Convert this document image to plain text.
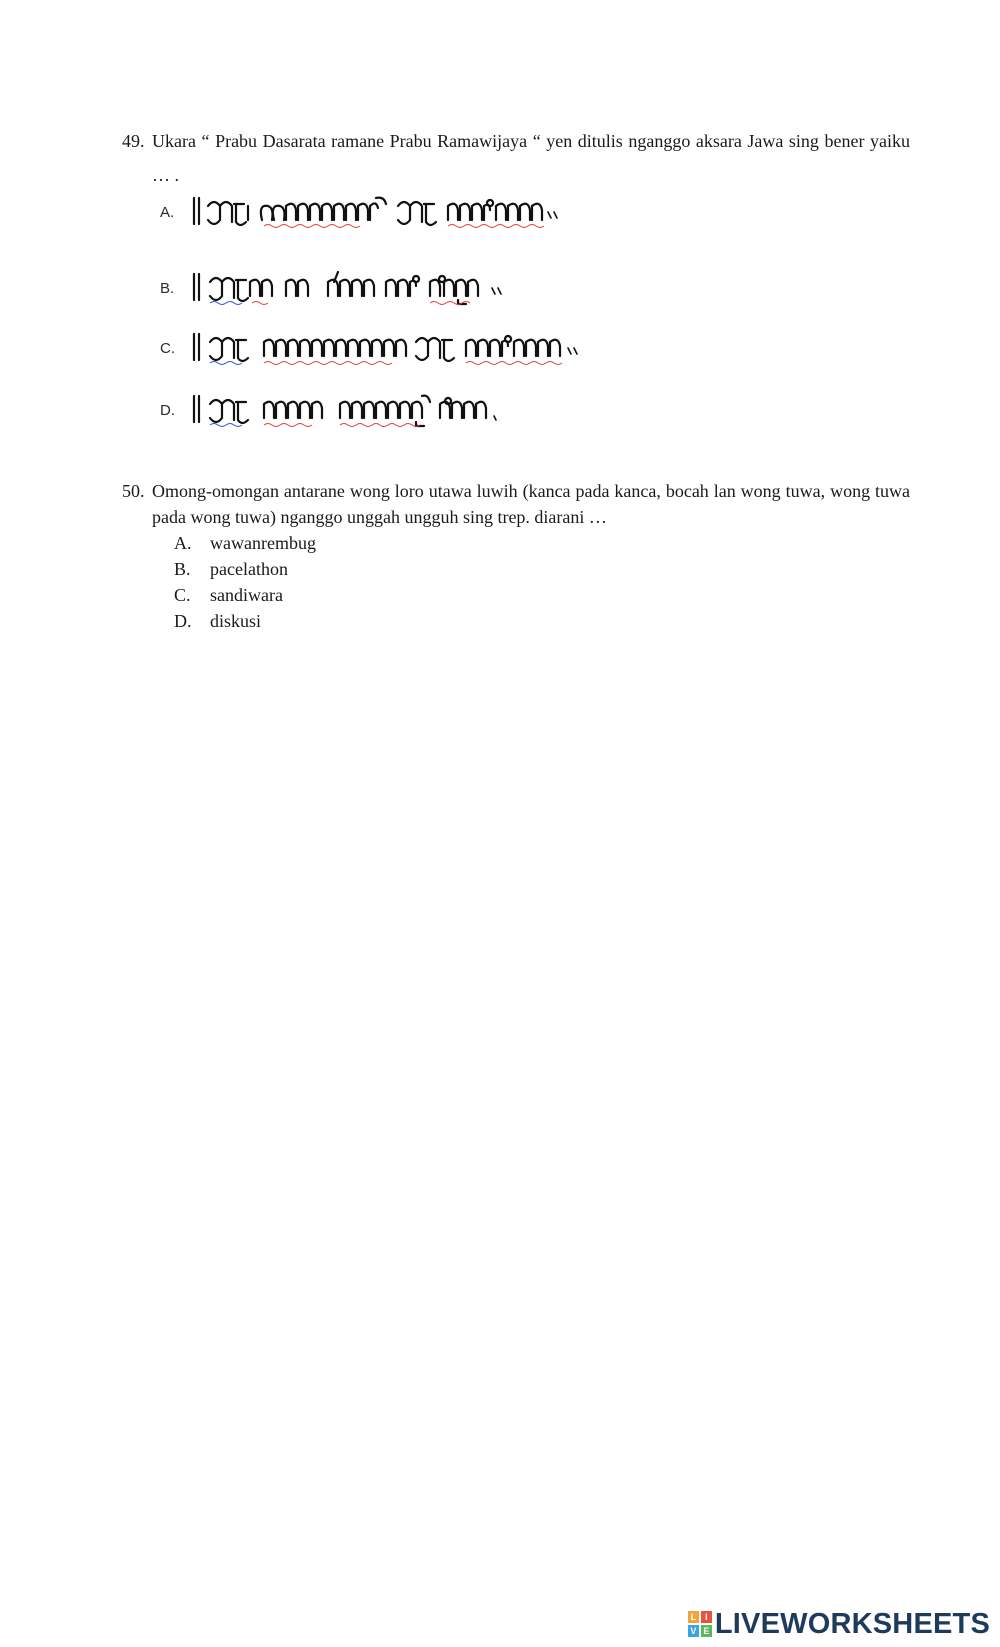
49. Ukara “ Prabu Dasarata ramane Prabu Ramawijaya “ yen ditulis nganggo aksara Jawa sing bener yaiku … .
A.
B.
C.
D.
50. Omong-omongan antarane wong loro utawa luwih (kanca pada kanca, bocah lan wong tuwa, wong tuwa pada wong tuwa) nganggo unggah ungguh sing trep. diarani …
A.	wawanrembug
B.	pacelathon
C.	sandiwara
D.	diskusi
L I
V E LIVEWORKSHEETS
